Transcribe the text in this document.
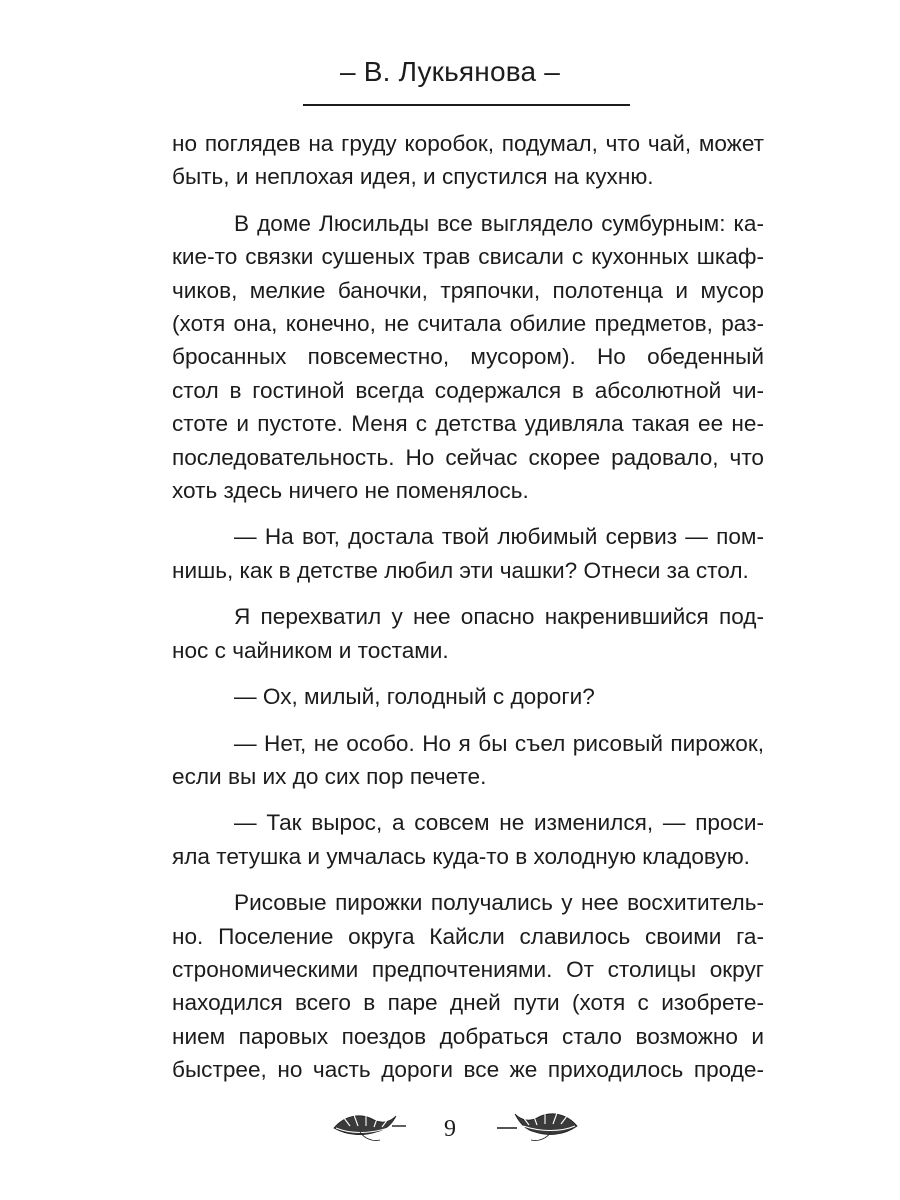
– В. Лукьянова –
но поглядев на груду коробок, подумал, что чай, может
быть, и неплохая идея, и спустился на кухню.
В доме Люсильды все выглядело сумбурным: ка-
кие-то связки сушеных трав свисали с кухонных шкаф-
чиков, мелкие баночки, тряпочки, полотенца и мусор
(хотя она, конечно, не считала обилие предметов, раз-
бросанных повсеместно, мусором). Но обеденный
стол в гостиной всегда содержался в абсолютной чи-
стоте и пустоте. Меня с детства удивляла такая ее не-
последовательность. Но сейчас скорее радовало, что
хоть здесь ничего не поменялось.
— На вот, достала твой любимый сервиз — пом-
нишь, как в детстве любил эти чашки? Отнеси за стол.
Я перехватил у нее опасно накренившийся под-
нос с чайником и тостами.
— Ох, милый, голодный с дороги?
— Нет, не особо. Но я бы съел рисовый пирожок,
если вы их до сих пор печете.
— Так вырос, а совсем не изменился, — проси-
яла тетушка и умчалась куда-то в холодную кладовую.
Рисовые пирожки получались у нее восхититель-
но. Поселение округа Кайсли славилось своими га-
строномическими предпочтениями. От столицы округ
находился всего в паре дней пути (хотя с изобрете-
нием паровых поездов добраться стало возможно и
быстрее, но часть дороги все же приходилось проде-
9
